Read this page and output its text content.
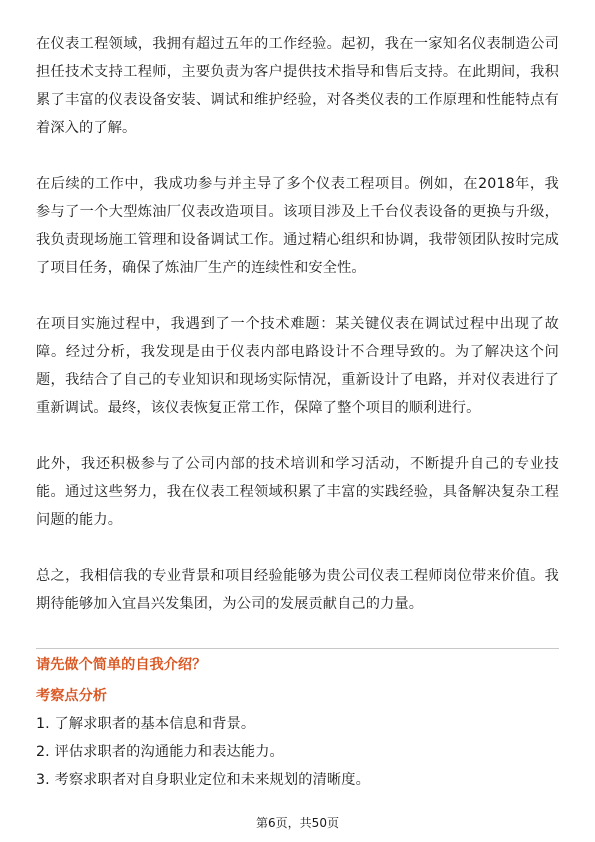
在仪表工程领域，我拥有超过五年的工作经验。起初，我在一家知名仪表制造公司担任技术支持工程师，主要负责为客户提供技术指导和售后支持。在此期间，我积累了丰富的仪表设备安装、调试和维护经验，对各类仪表的工作原理和性能特点有着深入的了解。

在后续的工作中，我成功参与并主导了多个仪表工程项目。例如，在2018年，我参与了一个大型炼油厂仪表改造项目。该项目涉及上千台仪表设备的更换与升级，我负责现场施工管理和设备调试工作。通过精心组织和协调，我带领团队按时完成了项目任务，确保了炼油厂生产的连续性和安全性。

在项目实施过程中，我遇到了一个技术难题：某关键仪表在调试过程中出现了故障。经过分析，我发现是由于仪表内部电路设计不合理导致的。为了解决这个问题，我结合了自己的专业知识和现场实际情况，重新设计了电路，并对仪表进行了重新调试。最终，该仪表恢复正常工作，保障了整个项目的顺利进行。

此外，我还积极参与了公司内部的技术培训和学习活动，不断提升自己的专业技能。通过这些努力，我在仪表工程领域积累了丰富的实践经验，具备解决复杂工程问题的能力。

总之，我相信我的专业背景和项目经验能够为贵公司仪表工程师岗位带来价值。我期待能够加入宜昌兴发集团，为公司的发展贡献自己的力量。

请先做个简单的自我介绍？

考察点分析

1. 了解求职者的基本信息和背景。
2. 评估求职者的沟通能力和表达能力。
3. 考察求职者对自身职业定位和未来规划的清晰度。
第6页，共50页
